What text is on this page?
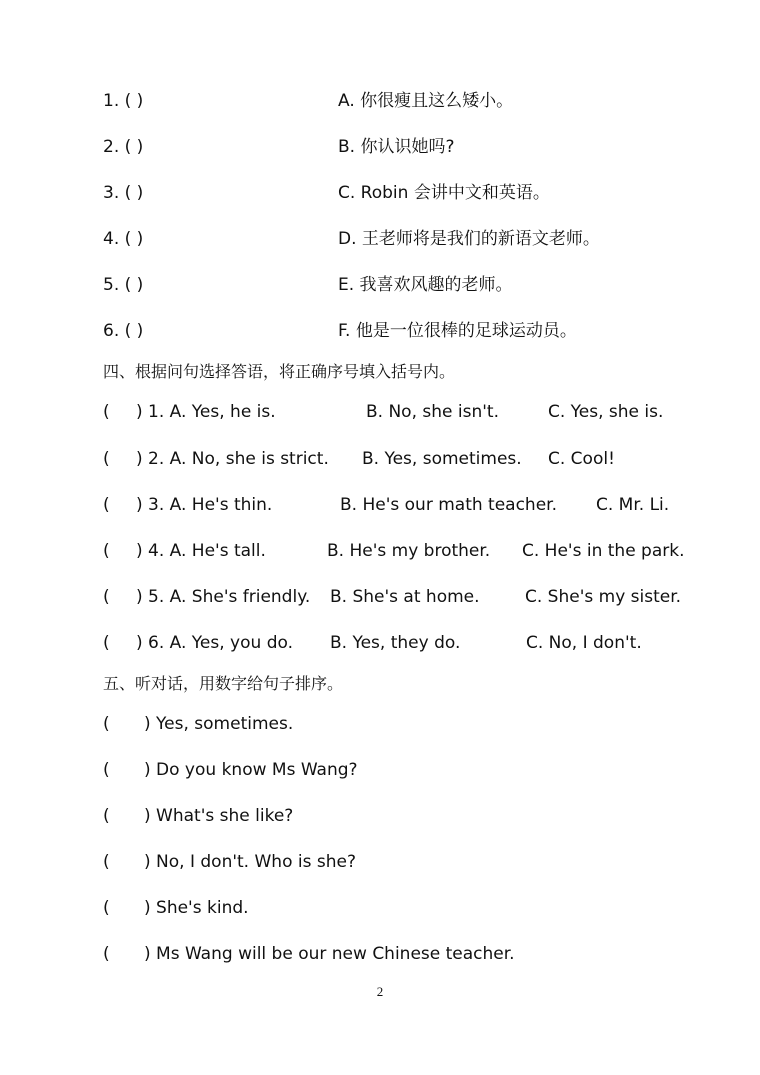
1. ( )	A. 你很瘦且这么矮小。
2. ( )	B. 你认识她吗?
3. ( )	C. Robin 会讲中文和英语。
4. ( )	D. 王老师将是我们的新语文老师。
5. ( )	E. 我喜欢风趣的老师。
6. ( )	F. 他是一位很棒的足球运动员。
四、根据问句选择答语，将正确序号填入括号内。
( ) 1. A. Yes, he is.	B. No, she isn't.	C. Yes, she is.
( ) 2. A. No, she is strict. B. Yes, sometimes. C. Cool!
( ) 3. A. He's thin.	B. He's our math teacher. C. Mr. Li.
( ) 4. A. He's tall.	B. He's my brother. C. He's in the park.
( ) 5. A. She's friendly. B. She's at home.	C. She's my sister.
( ) 6. A. Yes, you do. B. Yes, they do.	C. No, I don't.
五、听对话，用数字给句子排序。
( ) Yes, sometimes.
( ) Do you know Ms Wang?
( ) What's she like?
( ) No, I don't. Who is she?
( ) She's kind.
( ) Ms Wang will be our new Chinese teacher.
2
